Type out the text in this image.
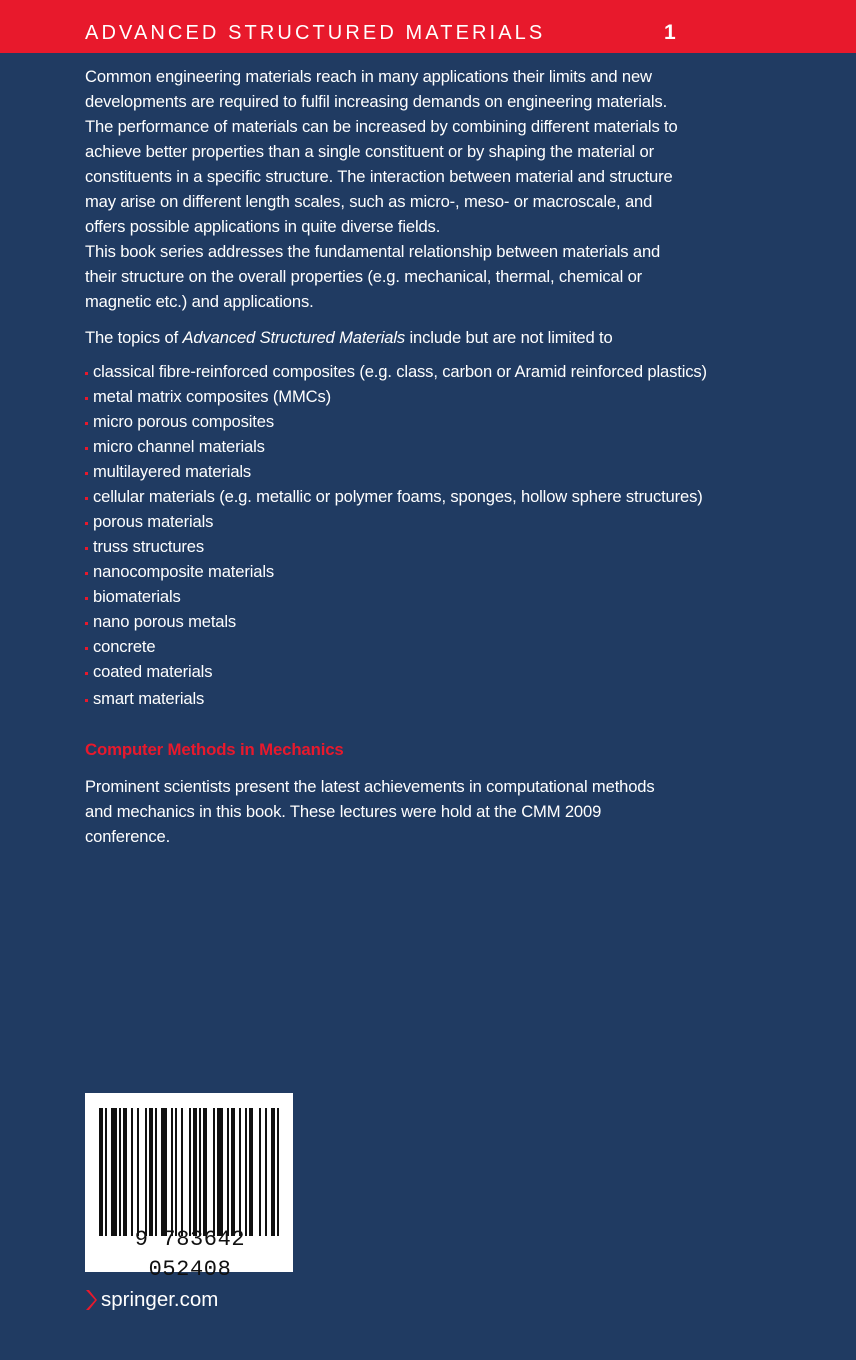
ADVANCED STRUCTURED MATERIALS	1

Common engineering materials reach in many applications their limits and new developments are required to fulfil increasing demands on engineering materials. The performance of materials can be increased by combining different materials to achieve better properties than a single constituent or by shaping the material or constituents in a specific structure. The interaction between material and structure may arise on different length scales, such as micro-, meso- or macroscale, and offers possible applications in quite diverse fields.

This book series addresses the fundamental relationship between materials and their structure on the overall properties (e.g. mechanical, thermal, chemical or magnetic etc.) and applications.

The topics of Advanced Structured Materials include but are not limited to

classical fibre-reinforced composites (e.g. class, carbon or Aramid reinforced plastics)
metal matrix composites (MMCs)
micro porous composites
micro channel materials
multilayered materials
cellular materials (e.g. metallic or polymer foams, sponges, hollow sphere structures)
porous materials
truss structures
nanocomposite materials
biomaterials
nano porous metals
concrete
coated materials
smart materials

Computer Methods in Mechanics

Prominent scientists present the latest achievements in computational methods and mechanics in this book. These lectures were hold at the CMM 2009 conference.

9 783642 052408
springer.com
